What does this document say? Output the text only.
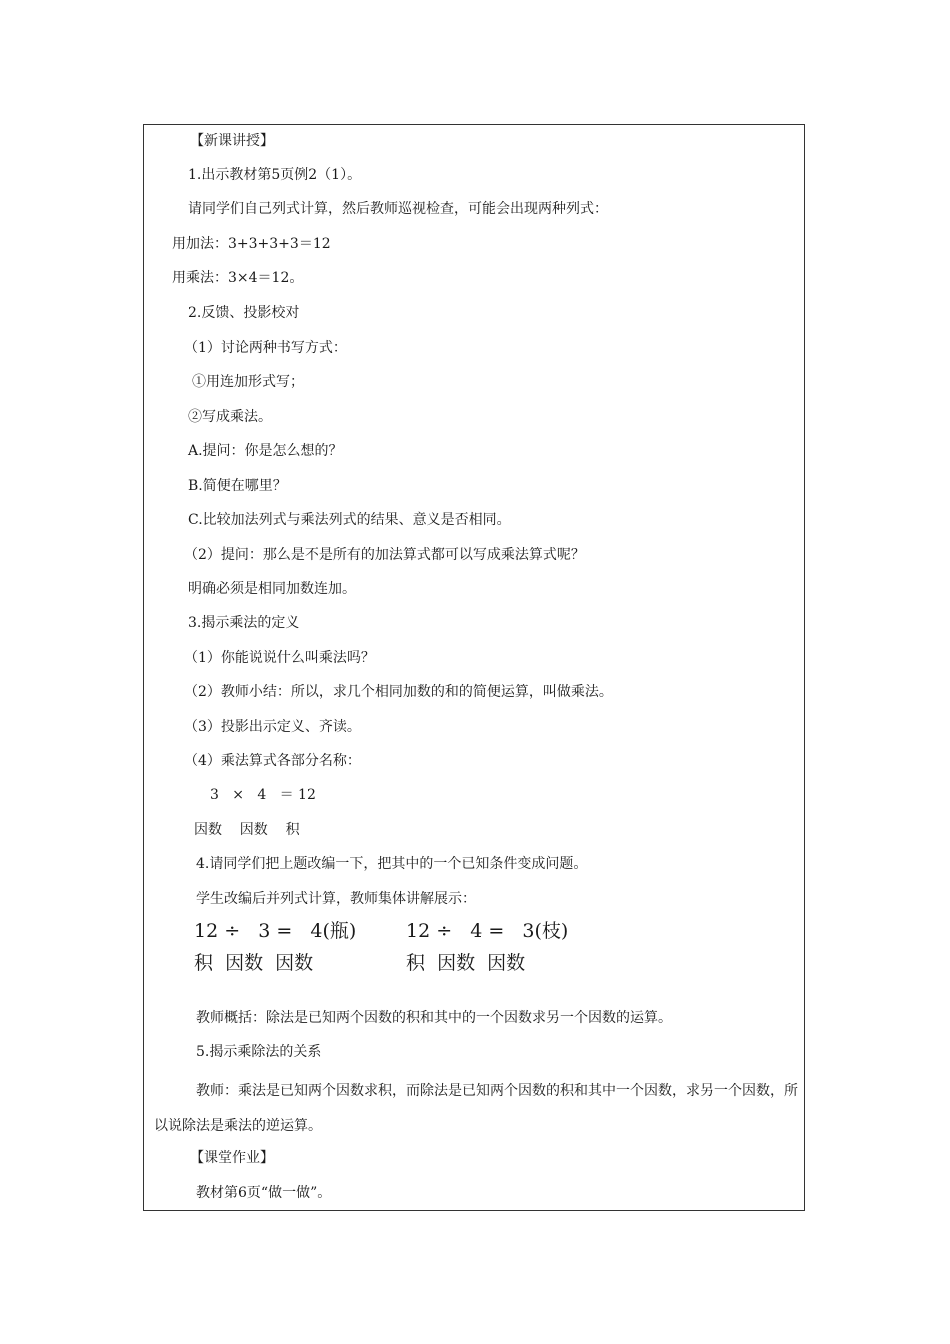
【新课讲授】
1.出示教材第5页例2（1）。
请同学们自己列式计算，然后教师巡视检查，可能会出现两种列式：
用加法：3+3+3+3＝12
用乘法：3×4＝12。
2.反馈、投影校对
（1）讨论两种书写方式：
①用连加形式写；
②写成乘法。
A.提问：你是怎么想的？
B.简便在哪里？
C.比较加法列式与乘法列式的结果、意义是否相同。
（2）提问：那么是不是所有的加法算式都可以写成乘法算式呢？
明确必须是相同加数连加。
3.揭示乘法的定义
（1）你能说说什么叫乘法吗？
（2）教师小结：所以，求几个相同加数的和的简便运算，叫做乘法。
（3）投影出示定义、齐读。
（4）乘法算式各部分名称：
3   ×   4   ＝ 12
因数    因数    积
4.请同学们把上题改编一下，把其中的一个已知条件变成问题。
学生改编后并列式计算，教师集体讲解展示：
12 ÷   3 =   4(瓶)	12 ÷   4 =   3(枝)
积  因数  因数	积  因数  因数
教师概括：除法是已知两个因数的积和其中的一个因数求另一个因数的运算。
5.揭示乘除法的关系
教师：乘法是已知两个因数求积，而除法是已知两个因数的积和其中一个因数，求另一个因数，所以说除法是乘法的逆运算。
【课堂作业】
教材第6页“做一做”。
